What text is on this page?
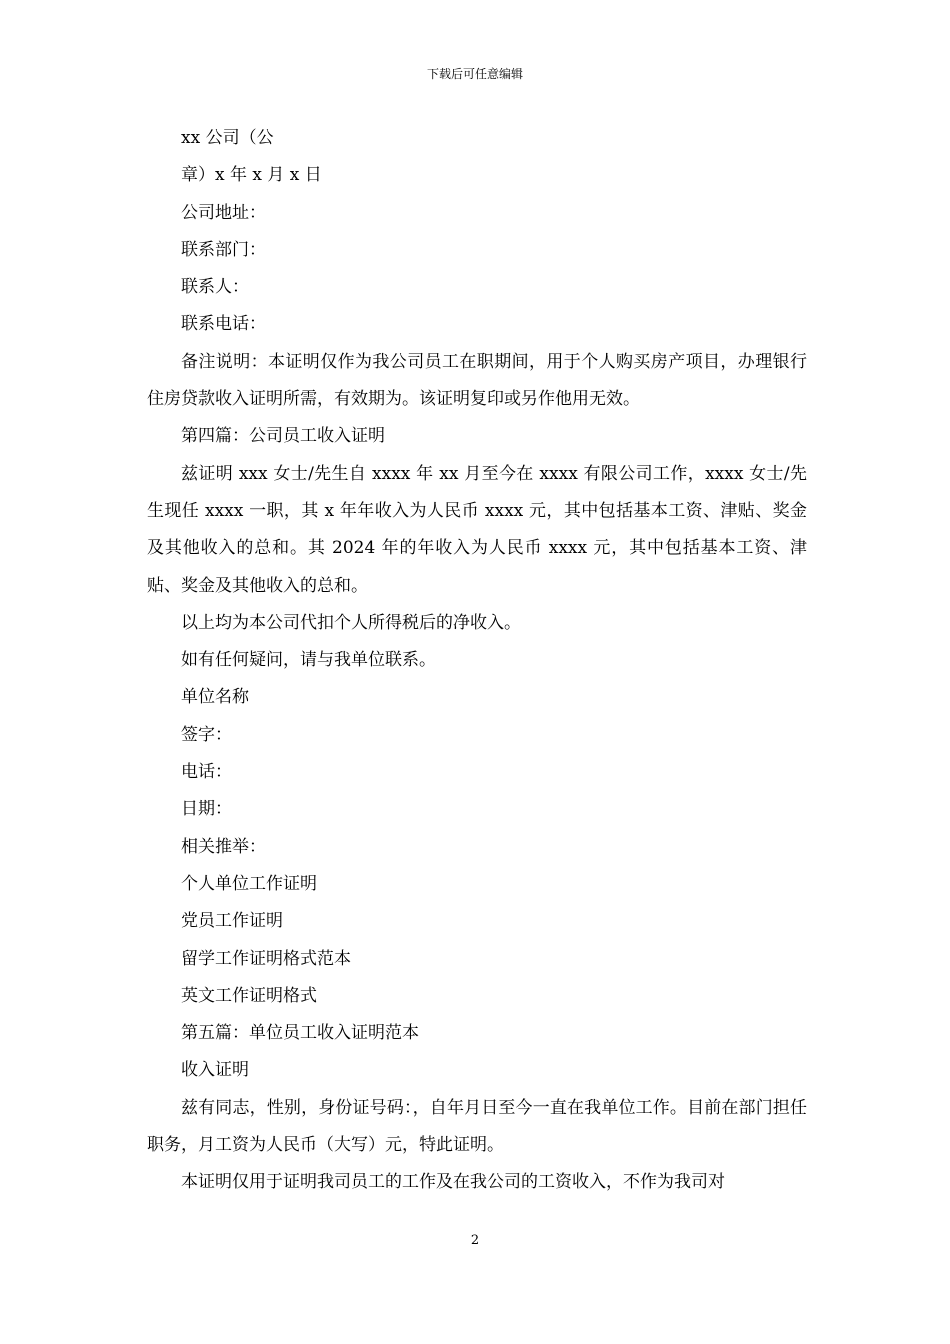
下载后可任意编辑

xx 公司（公

章）x 年 x 月 x 日

公司地址：

联系部门：

联系人：

联系电话：

备注说明：本证明仅作为我公司员工在职期间，用于个人购买房产项目，办理银行住房贷款收入证明所需，有效期为。该证明复印或另作他用无效。

第四篇：公司员工收入证明

兹证明 xxx 女士/先生自 xxxx 年 xx 月至今在 xxxx 有限公司工作，xxxx 女士/先生现任 xxxx 一职，其 x 年年收入为人民币 xxxx 元，其中包括基本工资、津贴、奖金及其他收入的总和。其 2024 年的年收入为人民币 xxxx 元，其中包括基本工资、津贴、奖金及其他收入的总和。

以上均为本公司代扣个人所得税后的净收入。

如有任何疑问，请与我单位联系。

单位名称

签字：

电话：

日期：

相关推举：

个人单位工作证明

党员工作证明

留学工作证明格式范本

英文工作证明格式

第五篇：单位员工收入证明范本

收入证明

兹有同志，性别，身份证号码：，自年月日至今一直在我单位工作。目前在部门担任职务，月工资为人民币（大写）元，特此证明。

本证明仅用于证明我司员工的工作及在我公司的工资收入，不作为我司对

2
